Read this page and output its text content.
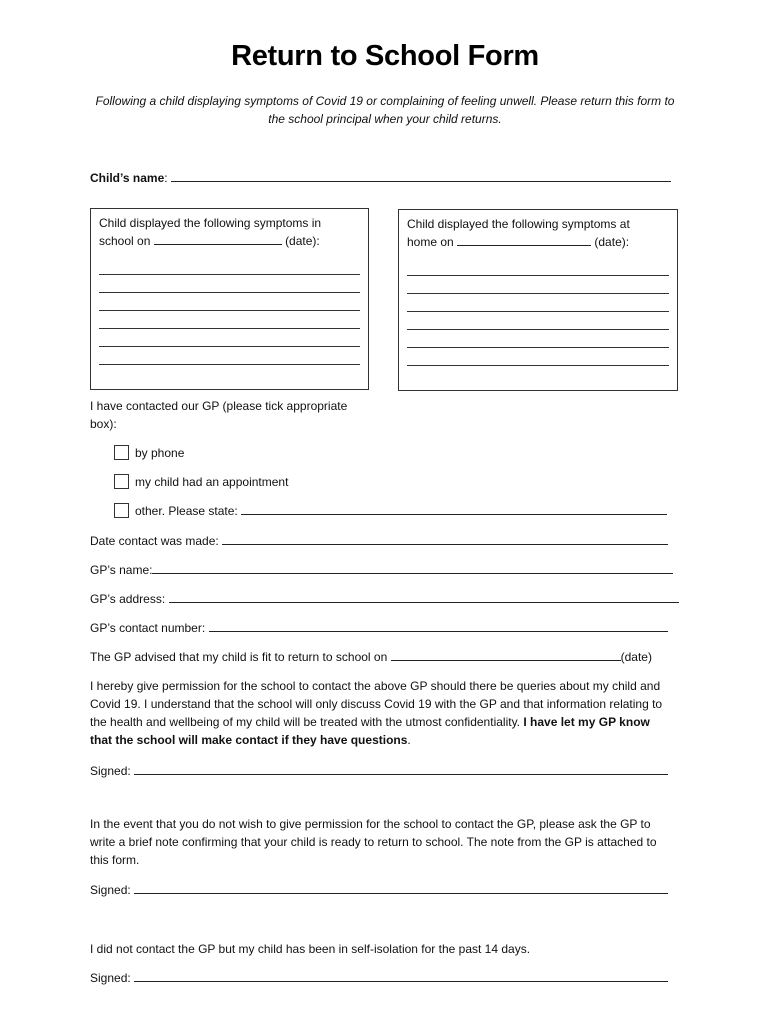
Return to School Form
Following a child displaying symptoms of Covid 19 or complaining of feeling unwell. Please return this form to the school principal when your child returns.
Child’s name:
Child displayed the following symptoms in
school on	(date):
Child displayed the following symptoms at
home on	(date):
I have contacted our GP (please tick appropriate box):
by phone
my child had an appointment
other. Please state:
Date contact was made:
GP’s name:
GP’s address:
GP’s contact number:
The GP advised that my child is fit to return to school on	(date)
I hereby give permission for the school to contact the above GP should there be queries about my child and Covid 19. I understand that the school will only discuss Covid 19 with the GP and that information relating to the health and wellbeing of my child will be treated with the utmost confidentiality. I have let my GP know that the school will make contact if they have questions.
Signed:
In the event that you do not wish to give permission for the school to contact the GP, please ask the GP to write a brief note confirming that your child is ready to return to school. The note from the GP is attached to this form.
Signed:
I did not contact the GP but my child has been in self-isolation for the past 14 days.
Signed:
